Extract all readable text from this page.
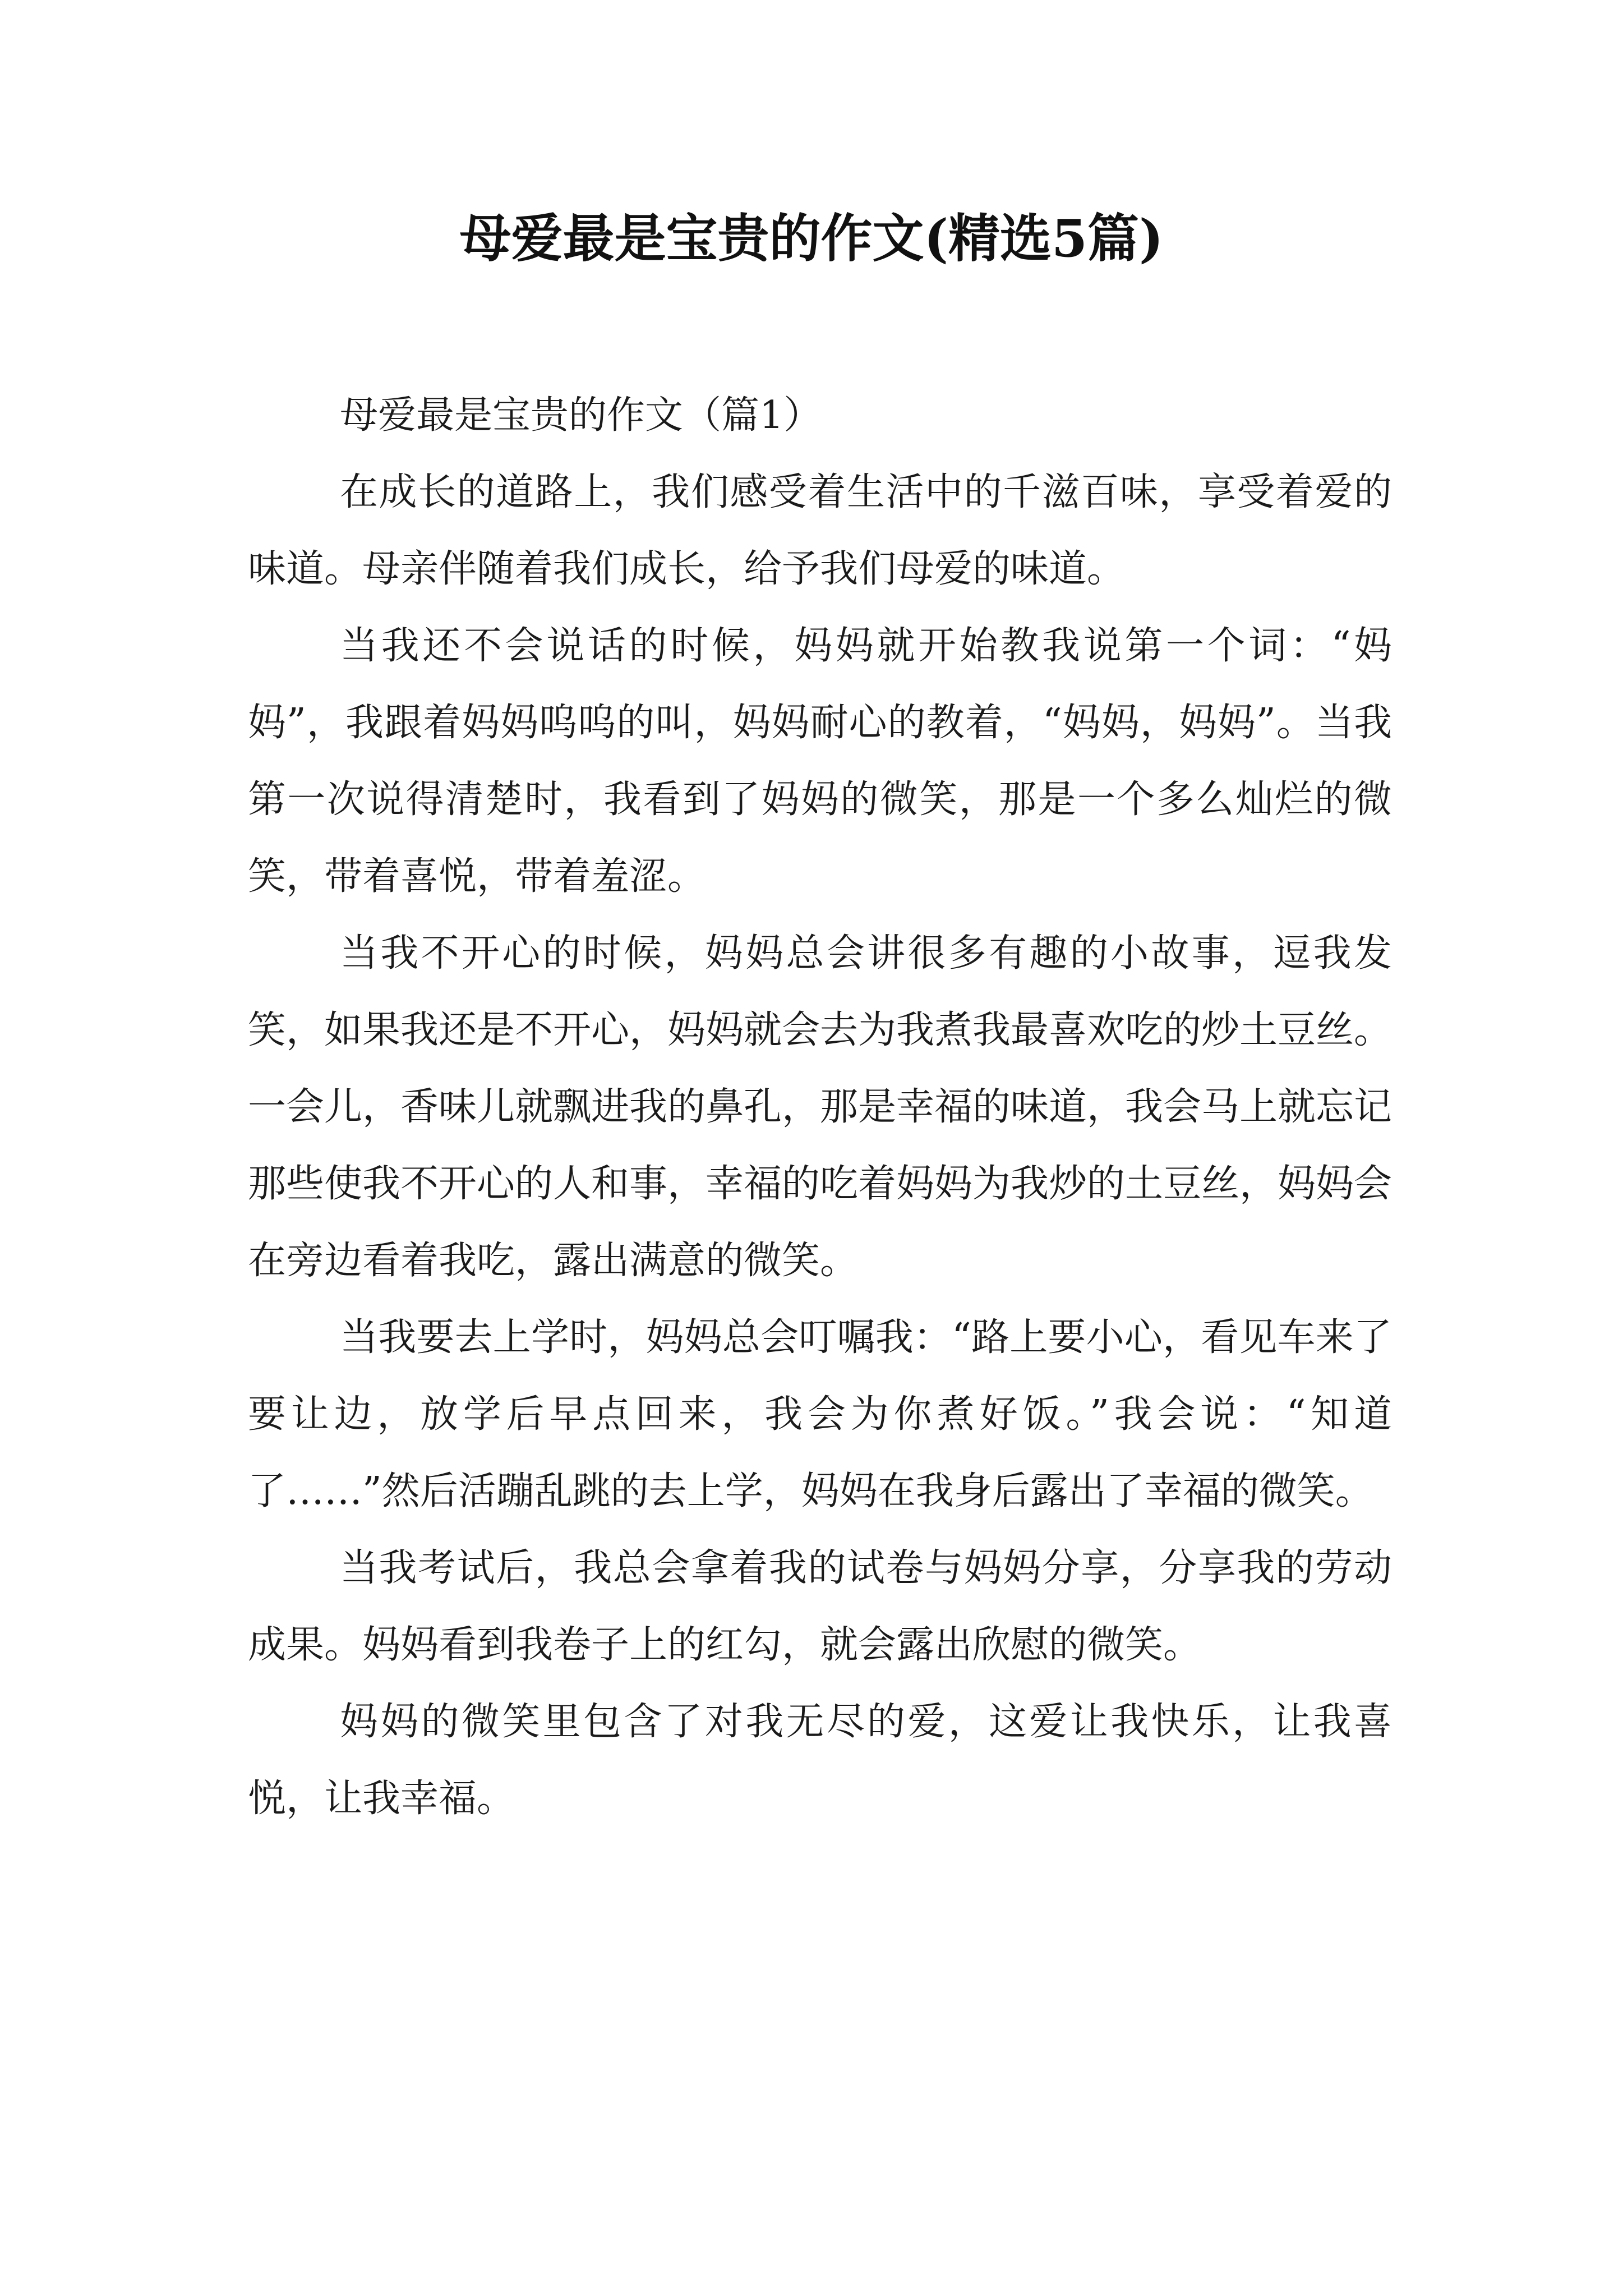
母爱最是宝贵的作文(精选5篇)

母爱最是宝贵的作文（篇1）

在成长的道路上，我们感受着生活中的千滋百味，享受着爱的味道。母亲伴随着我们成长，给予我们母爱的味道。

当我还不会说话的时候，妈妈就开始教我说第一个词：“妈妈”，我跟着妈妈呜呜的叫，妈妈耐心的教着，“妈妈，妈妈”。当我第一次说得清楚时，我看到了妈妈的微笑，那是一个多么灿烂的微笑，带着喜悦，带着羞涩。

当我不开心的时候，妈妈总会讲很多有趣的小故事，逗我发笑，如果我还是不开心，妈妈就会去为我煮我最喜欢吃的炒土豆丝。一会儿，香味儿就飘进我的鼻孔，那是幸福的味道，我会马上就忘记那些使我不开心的人和事，幸福的吃着妈妈为我炒的土豆丝，妈妈会在旁边看着我吃，露出满意的微笑。

当我要去上学时，妈妈总会叮嘱我：“路上要小心，看见车来了要让边，放学后早点回来，我会为你煮好饭。”我会说：“知道了……”然后活蹦乱跳的去上学，妈妈在我身后露出了幸福的微笑。

当我考试后，我总会拿着我的试卷与妈妈分享，分享我的劳动成果。妈妈看到我卷子上的红勾，就会露出欣慰的微笑。

妈妈的微笑里包含了对我无尽的爱，这爱让我快乐，让我喜悦，让我幸福。
